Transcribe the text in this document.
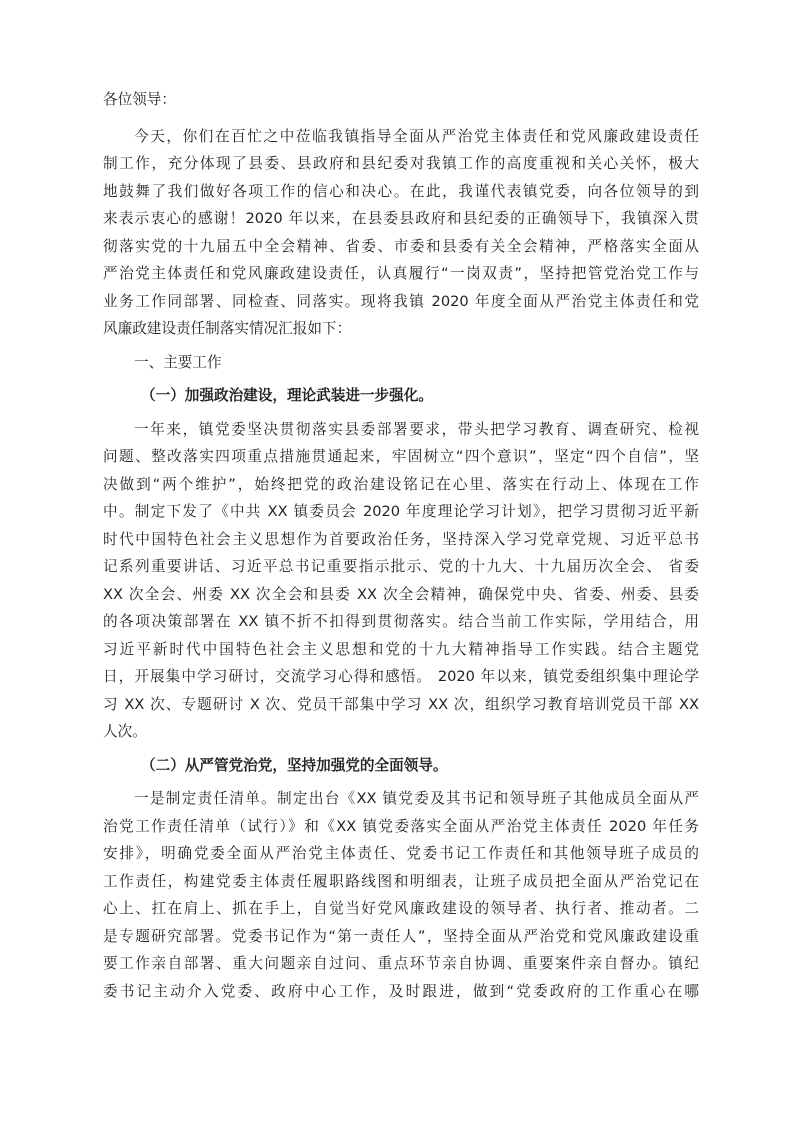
各位领导：
今天，你们在百忙之中莅临我镇指导全面从严治党主体责任和党风廉政建设责任
制工作，充分体现了县委、县政府和县纪委对我镇工作的高度重视和关心关怀，极大
地鼓舞了我们做好各项工作的信心和决心。在此，我谨代表镇党委，向各位领导的到
来表示衷心的感谢！2020 年以来，在县委县政府和县纪委的正确领导下，我镇深入贯
彻落实党的十九届五中全会精神、省委、市委和县委有关全会精神，严格落实全面从
严治党主体责任和党风廉政建设责任，认真履行“一岗双责”，坚持把管党治党工作与
业务工作同部署、同检查、同落实。现将我镇 2020 年度全面从严治党主体责任和党
风廉政建设责任制落实情况汇报如下：
一、主要工作
（一）加强政治建设，理论武装进一步强化。
一年来，镇党委坚决贯彻落实县委部署要求，带头把学习教育、调查研究、检视
问题、整改落实四项重点措施贯通起来，牢固树立“四个意识”，坚定“四个自信”，坚
决做到“两个维护”，始终把党的政治建设铭记在心里、落实在行动上、体现在工作
中。制定下发了《中共 XX 镇委员会 2020 年度理论学习计划》，把学习贯彻习近平新
时代中国特色社会主义思想作为首要政治任务，坚持深入学习党章党规、习近平总书
记系列重要讲话、习近平总书记重要指示批示、党的十九大、十九届历次全会、 省委
XX 次全会、州委 XX 次全会和县委 XX 次全会精神，确保党中央、省委、州委、县委
的各项决策部署在 XX 镇不折不扣得到贯彻落实。结合当前工作实际，学用结合，用
习近平新时代中国特色社会主义思想和党的十九大精神指导工作实践。结合主题党
日，开展集中学习研讨，交流学习心得和感悟。 2020 年以来，镇党委组织集中理论学
习 XX 次、专题研讨 X 次、党员干部集中学习 XX 次，组织学习教育培训党员干部 XX
人次。
（二）从严管党治党，坚持加强党的全面领导。
一是制定责任清单。制定出台《XX 镇党委及其书记和领导班子其他成员全面从严
治党工作责任清单（试行）》和《XX 镇党委落实全面从严治党主体责任 2020 年任务
安排》，明确党委全面从严治党主体责任、党委书记工作责任和其他领导班子成员的
工作责任，构建党委主体责任履职路线图和明细表，让班子成员把全面从严治党记在
心上、扛在肩上、抓在手上，自觉当好党风廉政建设的领导者、执行者、推动者。二
是专题研究部署。党委书记作为“第一责任人”，坚持全面从严治党和党风廉政建设重
要工作亲自部署、重大问题亲自过问、重点环节亲自协调、重要案件亲自督办。镇纪
委书记主动介入党委、政府中心工作，及时跟进，做到“党委政府的工作重心在哪
